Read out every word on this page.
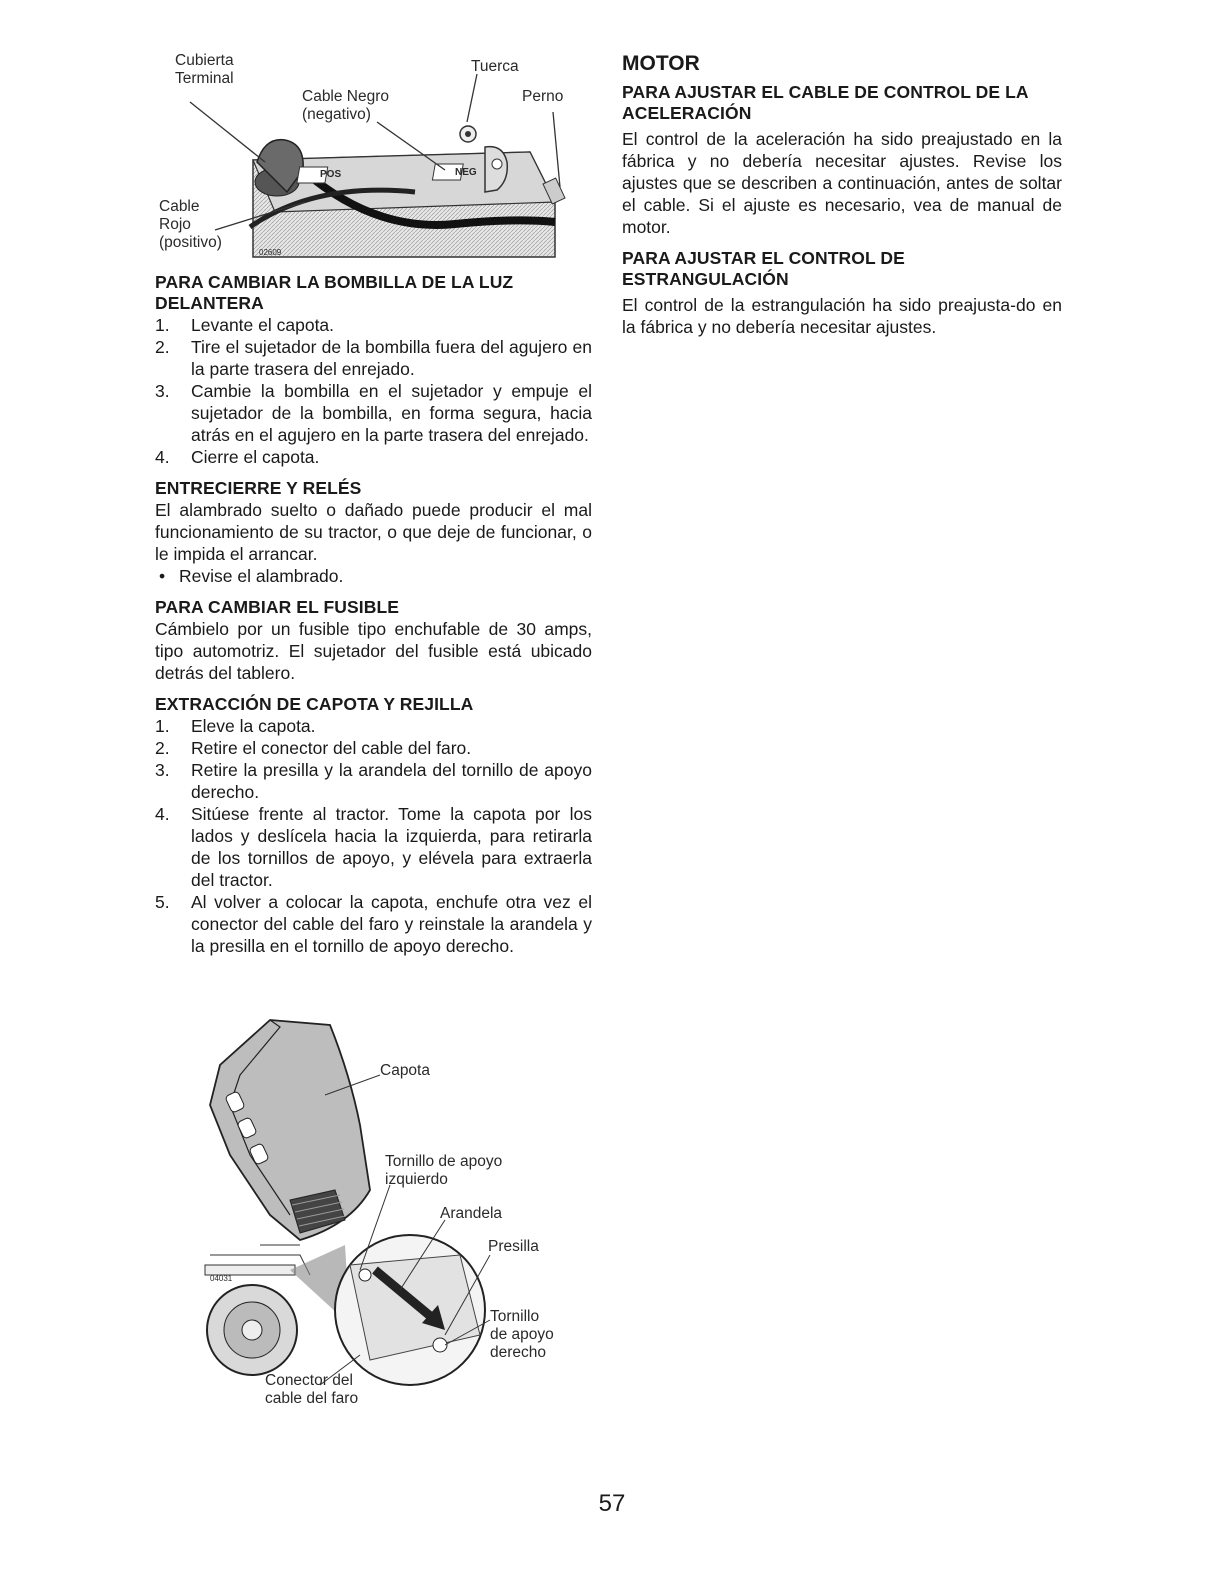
Cubierta
Terminal
Tuerca
Cable Negro
(negativo)
Perno
Cable
Rojo
(positivo)
POS	NEG
02609
PARA CAMBIAR LA BOMBILLA DE LA LUZ DELANTERA
1. Levante el capota.
2. Tire el sujetador de la bombilla fuera del agujero en la parte trasera del enrejado.
3. Cambie la bombilla en el sujetador y empuje el sujetador de la bombilla, en forma segura, hacia atrás en el agujero en la parte trasera del enrejado.
4. Cierre el capota.
ENTRECIERRE Y RELÉS

El alambrado suelto o dañado puede producir el mal funcionamiento de su tractor, o que deje de funcionar, o le impida el arrancar.

• Revise el alambrado.
PARA CAMBIAR EL FUSIBLE

Cámbielo por un fusible tipo enchufable de 30 amps, tipo automotriz. El sujetador del fusible está ubicado detrás del tablero.

EXTRACCIÓN DE CAPOTA Y REJILLA
1. Eleve la capota.
2. Retire el conector del cable del faro.
3. Retire la presilla y la arandela del tornillo de apoyo derecho.
4. Sitúese frente al tractor. Tome la capota por los lados y deslícela hacia la izquierda, para retirarla de los tornillos de apoyo, y elévela para extraerla del tractor.
5. Al volver a colocar la capota, enchufe otra vez el conector del cable del faro y reinstale la arandela y la presilla en el tornillo de apoyo derecho.
Capota
Tornillo de apoyo
izquierdo
Arandela
Presilla
Tornillo
de apoyo
derecho
Conector del
cable del faro
04031
MOTOR
PARA AJUSTAR EL CABLE DE CONTROL DE LA ACELERACIÓN

El control de la aceleración ha sido preajustado en la fábrica y no debería necesitar ajustes. Revise los ajustes que se describen a continuación, antes de soltar el cable. Si el ajuste es necesario, vea de manual de motor.

PARA AJUSTAR EL CONTROL DE ESTRANGULACIÓN

El control de la estrangulación ha sido preajusta-do en la fábrica y no debería necesitar ajustes.

57
